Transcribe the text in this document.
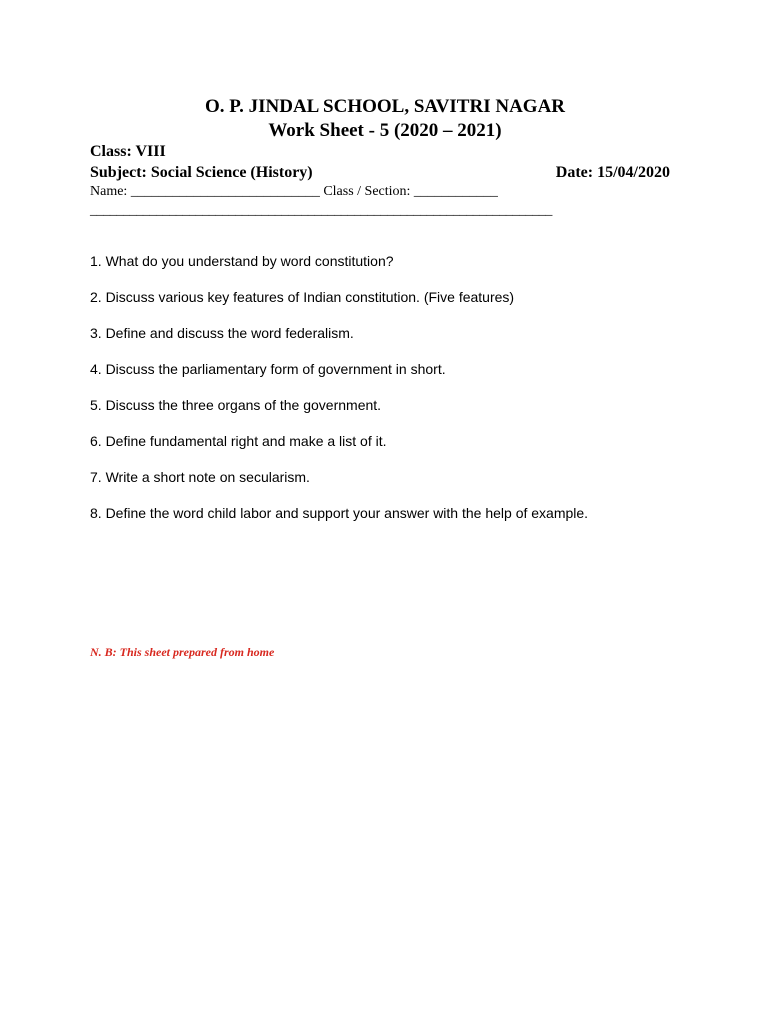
O. P. JINDAL SCHOOL, SAVITRI NAGAR
Work Sheet - 5 (2020 – 2021)
Class: VIII
Subject: Social Science (History)	Date: 15/04/2020
Name: ___________________________ Class / Section: ____________
______________________________________________________________________
1. What do you understand by word constitution?
2. Discuss various key features of Indian constitution. (Five features)
3. Define and discuss the word federalism.
4. Discuss the parliamentary form of government in short.
5. Discuss the three organs of the government.
6. Define fundamental right and make a list of it.
7. Write a short note on secularism.
8. Define the word child labor and support your answer with the help of example.
N. B: This sheet prepared from home
